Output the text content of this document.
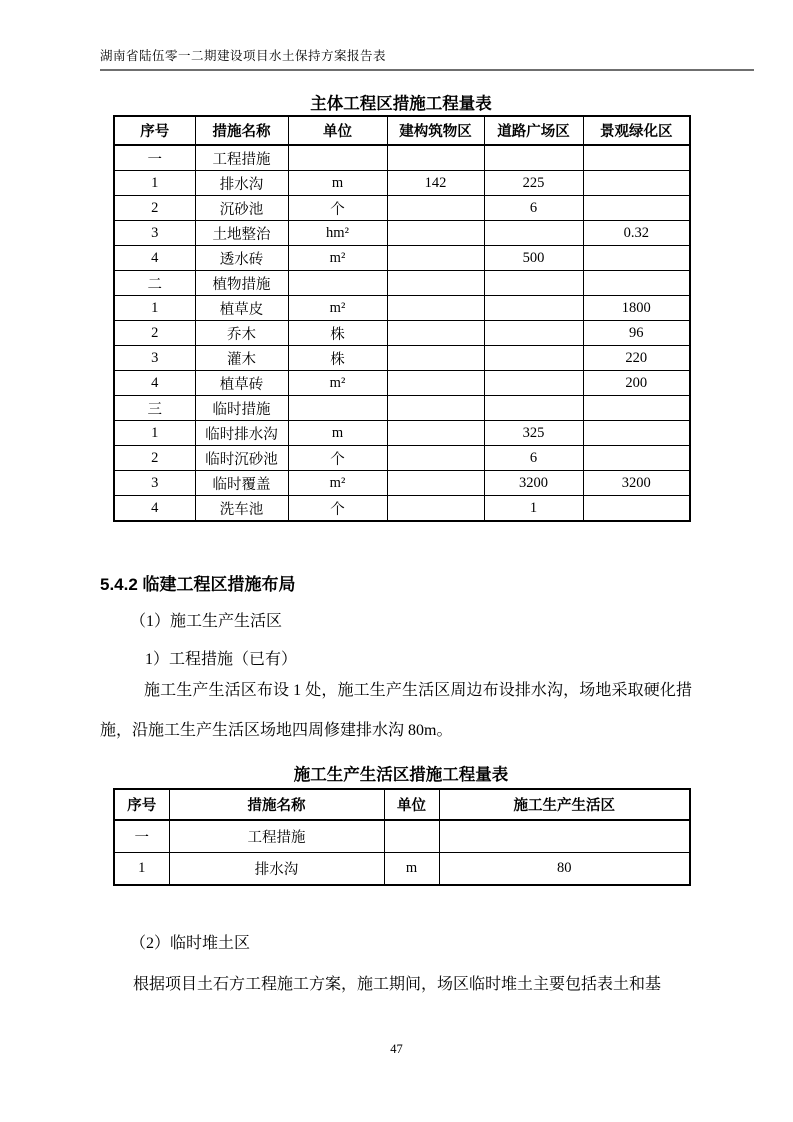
湖南省陆伍零一二期建设项目水土保持方案报告表
主体工程区措施工程量表
序号	措施名称	单位	建构筑物区	道路广场区	景观绿化区
一	工程措施				
1	排水沟	m	142	225	
2	沉砂池	个		6	
3	土地整治	hm²			0.32
4	透水砖	m²		500	
二	植物措施				
1	植草皮	m²			1800
2	乔木	株			96
3	灌木	株			220
4	植草砖	m²			200
三	临时措施				
1	临时排水沟	m		325	
2	临时沉砂池	个		6	
3	临时覆盖	m²		3200	3200
4	洗车池	个		1	
5.4.2 临建工程区措施布局
（1）施工生产生活区
1）工程措施（已有）
施工生产生活区布设 1 处，施工生产生活区周边布设排水沟，场地采取硬化措施，沿施工生产生活区场地四周修建排水沟 80m。
施工生产生活区措施工程量表
序号	措施名称	单位	施工生产生活区
一	工程措施		
1	排水沟	m	80
（2）临时堆土区
根据项目土石方工程施工方案，施工期间，场区临时堆土主要包括表土和基
47
